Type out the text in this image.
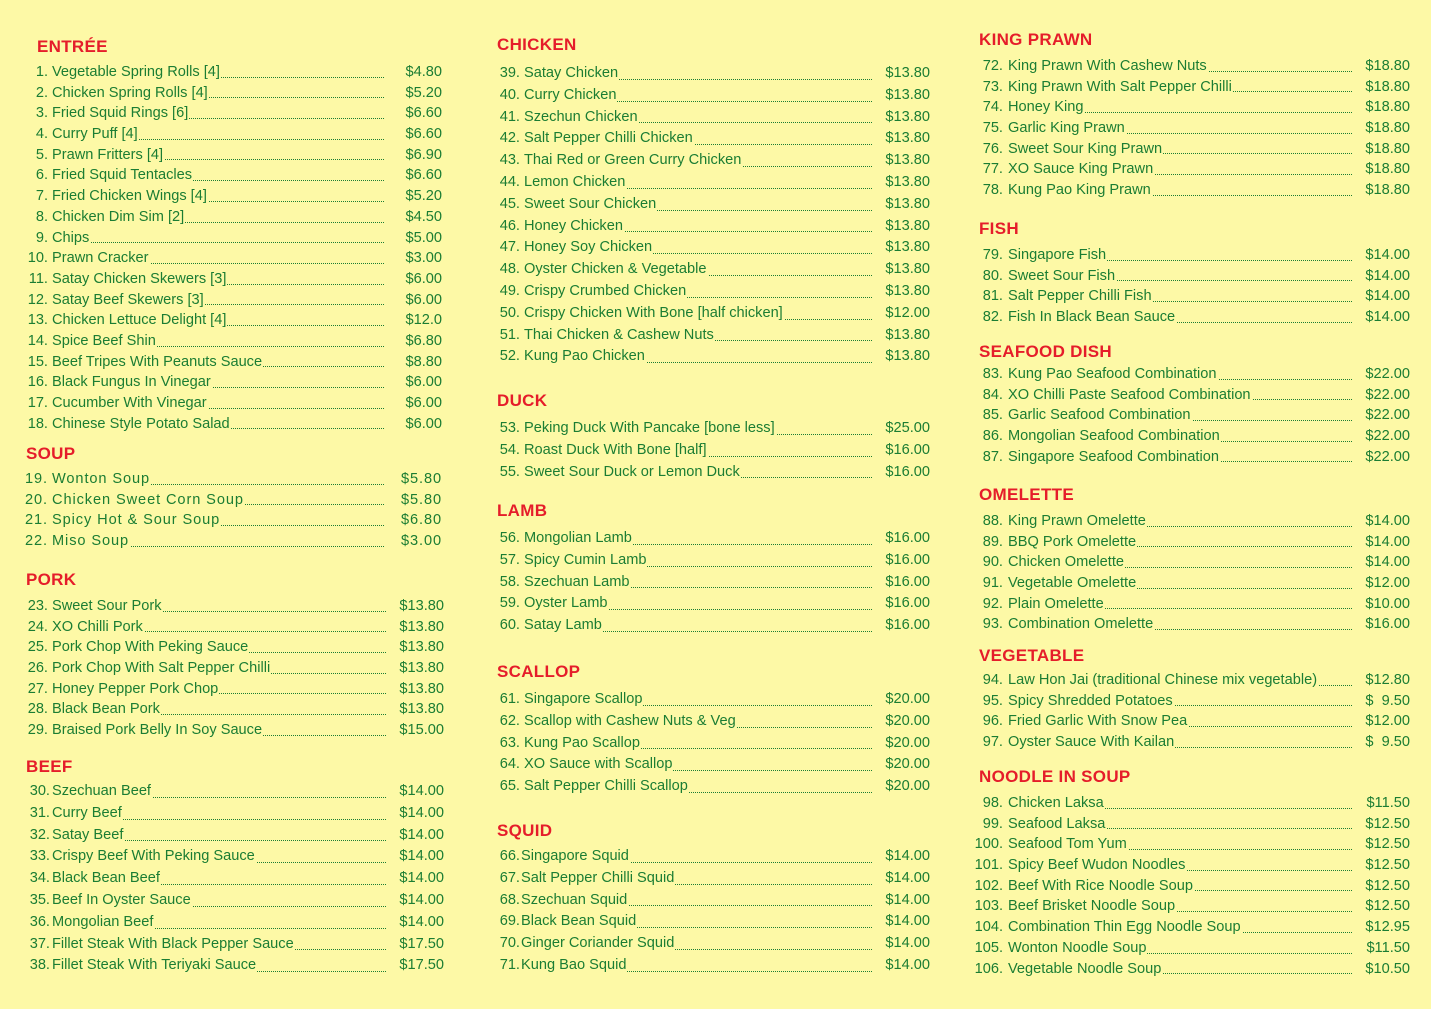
ENTRÉE
1. Vegetable Spring Rolls [4]	$4.80
2. Chicken Spring Rolls [4]	$5.20
3. Fried Squid Rings [6]	$6.60
4. Curry Puff [4]	$6.60
5. Prawn Fritters [4]	$6.90
6. Fried Squid Tentacles	$6.60
7. Fried Chicken Wings [4]	$5.20
8. Chicken Dim Sim [2]	$4.50
9. Chips	$5.00
10. Prawn Cracker	$3.00
11. Satay Chicken Skewers [3]	$6.00
12. Satay Beef Skewers [3]	$6.00
13. Chicken Lettuce Delight [4]	$12.0
14. Spice Beef Shin	$6.80
15. Beef Tripes With Peanuts Sauce	$8.80
16. Black Fungus In Vinegar	$6.00
17. Cucumber With Vinegar	$6.00
18. Chinese Style Potato Salad	$6.00
SOUP
19. Wonton Soup	$5.80
20. Chicken Sweet Corn Soup	$5.80
21. Spicy Hot & Sour Soup	$6.80
22. Miso Soup	$3.00
PORK
23. Sweet Sour Pork	$13.80
24. XO Chilli Pork	$13.80
25. Pork Chop With Peking Sauce	$13.80
26. Pork Chop With Salt Pepper Chilli	$13.80
27. Honey Pepper Pork Chop	$13.80
28. Black Bean Pork	$13.80
29. Braised Pork Belly In Soy Sauce	$15.00
BEEF
30. Szechuan Beef	$14.00
31. Curry Beef	$14.00
32. Satay Beef	$14.00
33. Crispy Beef With Peking Sauce	$14.00
34. Black Bean Beef	$14.00
35. Beef In Oyster Sauce	$14.00
36. Mongolian Beef	$14.00
37. Fillet Steak With Black Pepper Sauce	$17.50
38. Fillet Steak With Teriyaki Sauce	$17.50
CHICKEN
39. Satay Chicken	$13.80
40. Curry Chicken	$13.80
41. Szechun Chicken	$13.80
42. Salt Pepper Chilli Chicken	$13.80
43. Thai Red or Green Curry Chicken	$13.80
44. Lemon Chicken	$13.80
45. Sweet Sour Chicken	$13.80
46. Honey Chicken	$13.80
47. Honey Soy Chicken	$13.80
48. Oyster Chicken & Vegetable	$13.80
49. Crispy Crumbed Chicken	$13.80
50. Crispy Chicken With Bone [half chicken]	$12.00
51. Thai Chicken & Cashew Nuts	$13.80
52. Kung Pao Chicken	$13.80
DUCK
53. Peking Duck With Pancake [bone less]	$25.00
54. Roast Duck With Bone [half]	$16.00
55. Sweet Sour Duck or Lemon Duck	$16.00
LAMB
56. Mongolian Lamb	$16.00
57. Spicy Cumin Lamb	$16.00
58. Szechuan Lamb	$16.00
59. Oyster Lamb	$16.00
60. Satay Lamb	$16.00
SCALLOP
61. Singapore Scallop	$20.00
62. Scallop with Cashew Nuts & Veg	$20.00
63. Kung Pao Scallop	$20.00
64. XO Sauce with Scallop	$20.00
65. Salt Pepper Chilli Scallop	$20.00
SQUID
66. Singapore Squid	$14.00
67. Salt Pepper Chilli Squid	$14.00
68. Szechuan Squid	$14.00
69. Black Bean Squid	$14.00
70. Ginger Coriander Squid	$14.00
71. Kung Bao Squid	$14.00
KING PRAWN
72. King Prawn With Cashew Nuts	$18.80
73. King Prawn With Salt Pepper Chilli	$18.80
74. Honey King	$18.80
75. Garlic King Prawn	$18.80
76. Sweet Sour King Prawn	$18.80
77. XO Sauce King Prawn	$18.80
78. Kung Pao King Prawn	$18.80
FISH
79. Singapore Fish	$14.00
80. Sweet Sour Fish	$14.00
81. Salt Pepper Chilli Fish	$14.00
82. Fish In Black Bean Sauce	$14.00
SEAFOOD DISH
83. Kung Pao Seafood Combination	$22.00
84. XO Chilli Paste Seafood Combination	$22.00
85. Garlic Seafood Combination	$22.00
86. Mongolian Seafood Combination	$22.00
87. Singapore Seafood Combination	$22.00
OMELETTE
88. King Prawn Omelette	$14.00
89. BBQ Pork Omelette	$14.00
90. Chicken Omelette	$14.00
91. Vegetable Omelette	$12.00
92. Plain Omelette	$10.00
93. Combination Omelette	$16.00
VEGETABLE
94. Law Hon Jai (traditional Chinese mix vegetable)	$12.80
95. Spicy Shredded Potatoes	$  9.50
96. Fried Garlic With Snow Pea	$12.00
97. Oyster Sauce With Kailan	$  9.50
NOODLE IN SOUP
98. Chicken Laksa	$11.50
99. Seafood Laksa	$12.50
100. Seafood Tom Yum	$12.50
101. Spicy Beef Wudon Noodles	$12.50
102. Beef With Rice Noodle Soup	$12.50
103. Beef Brisket Noodle Soup	$12.50
104. Combination Thin Egg Noodle Soup	$12.95
105. Wonton Noodle Soup	$11.50
106. Vegetable Noodle Soup	$10.50
